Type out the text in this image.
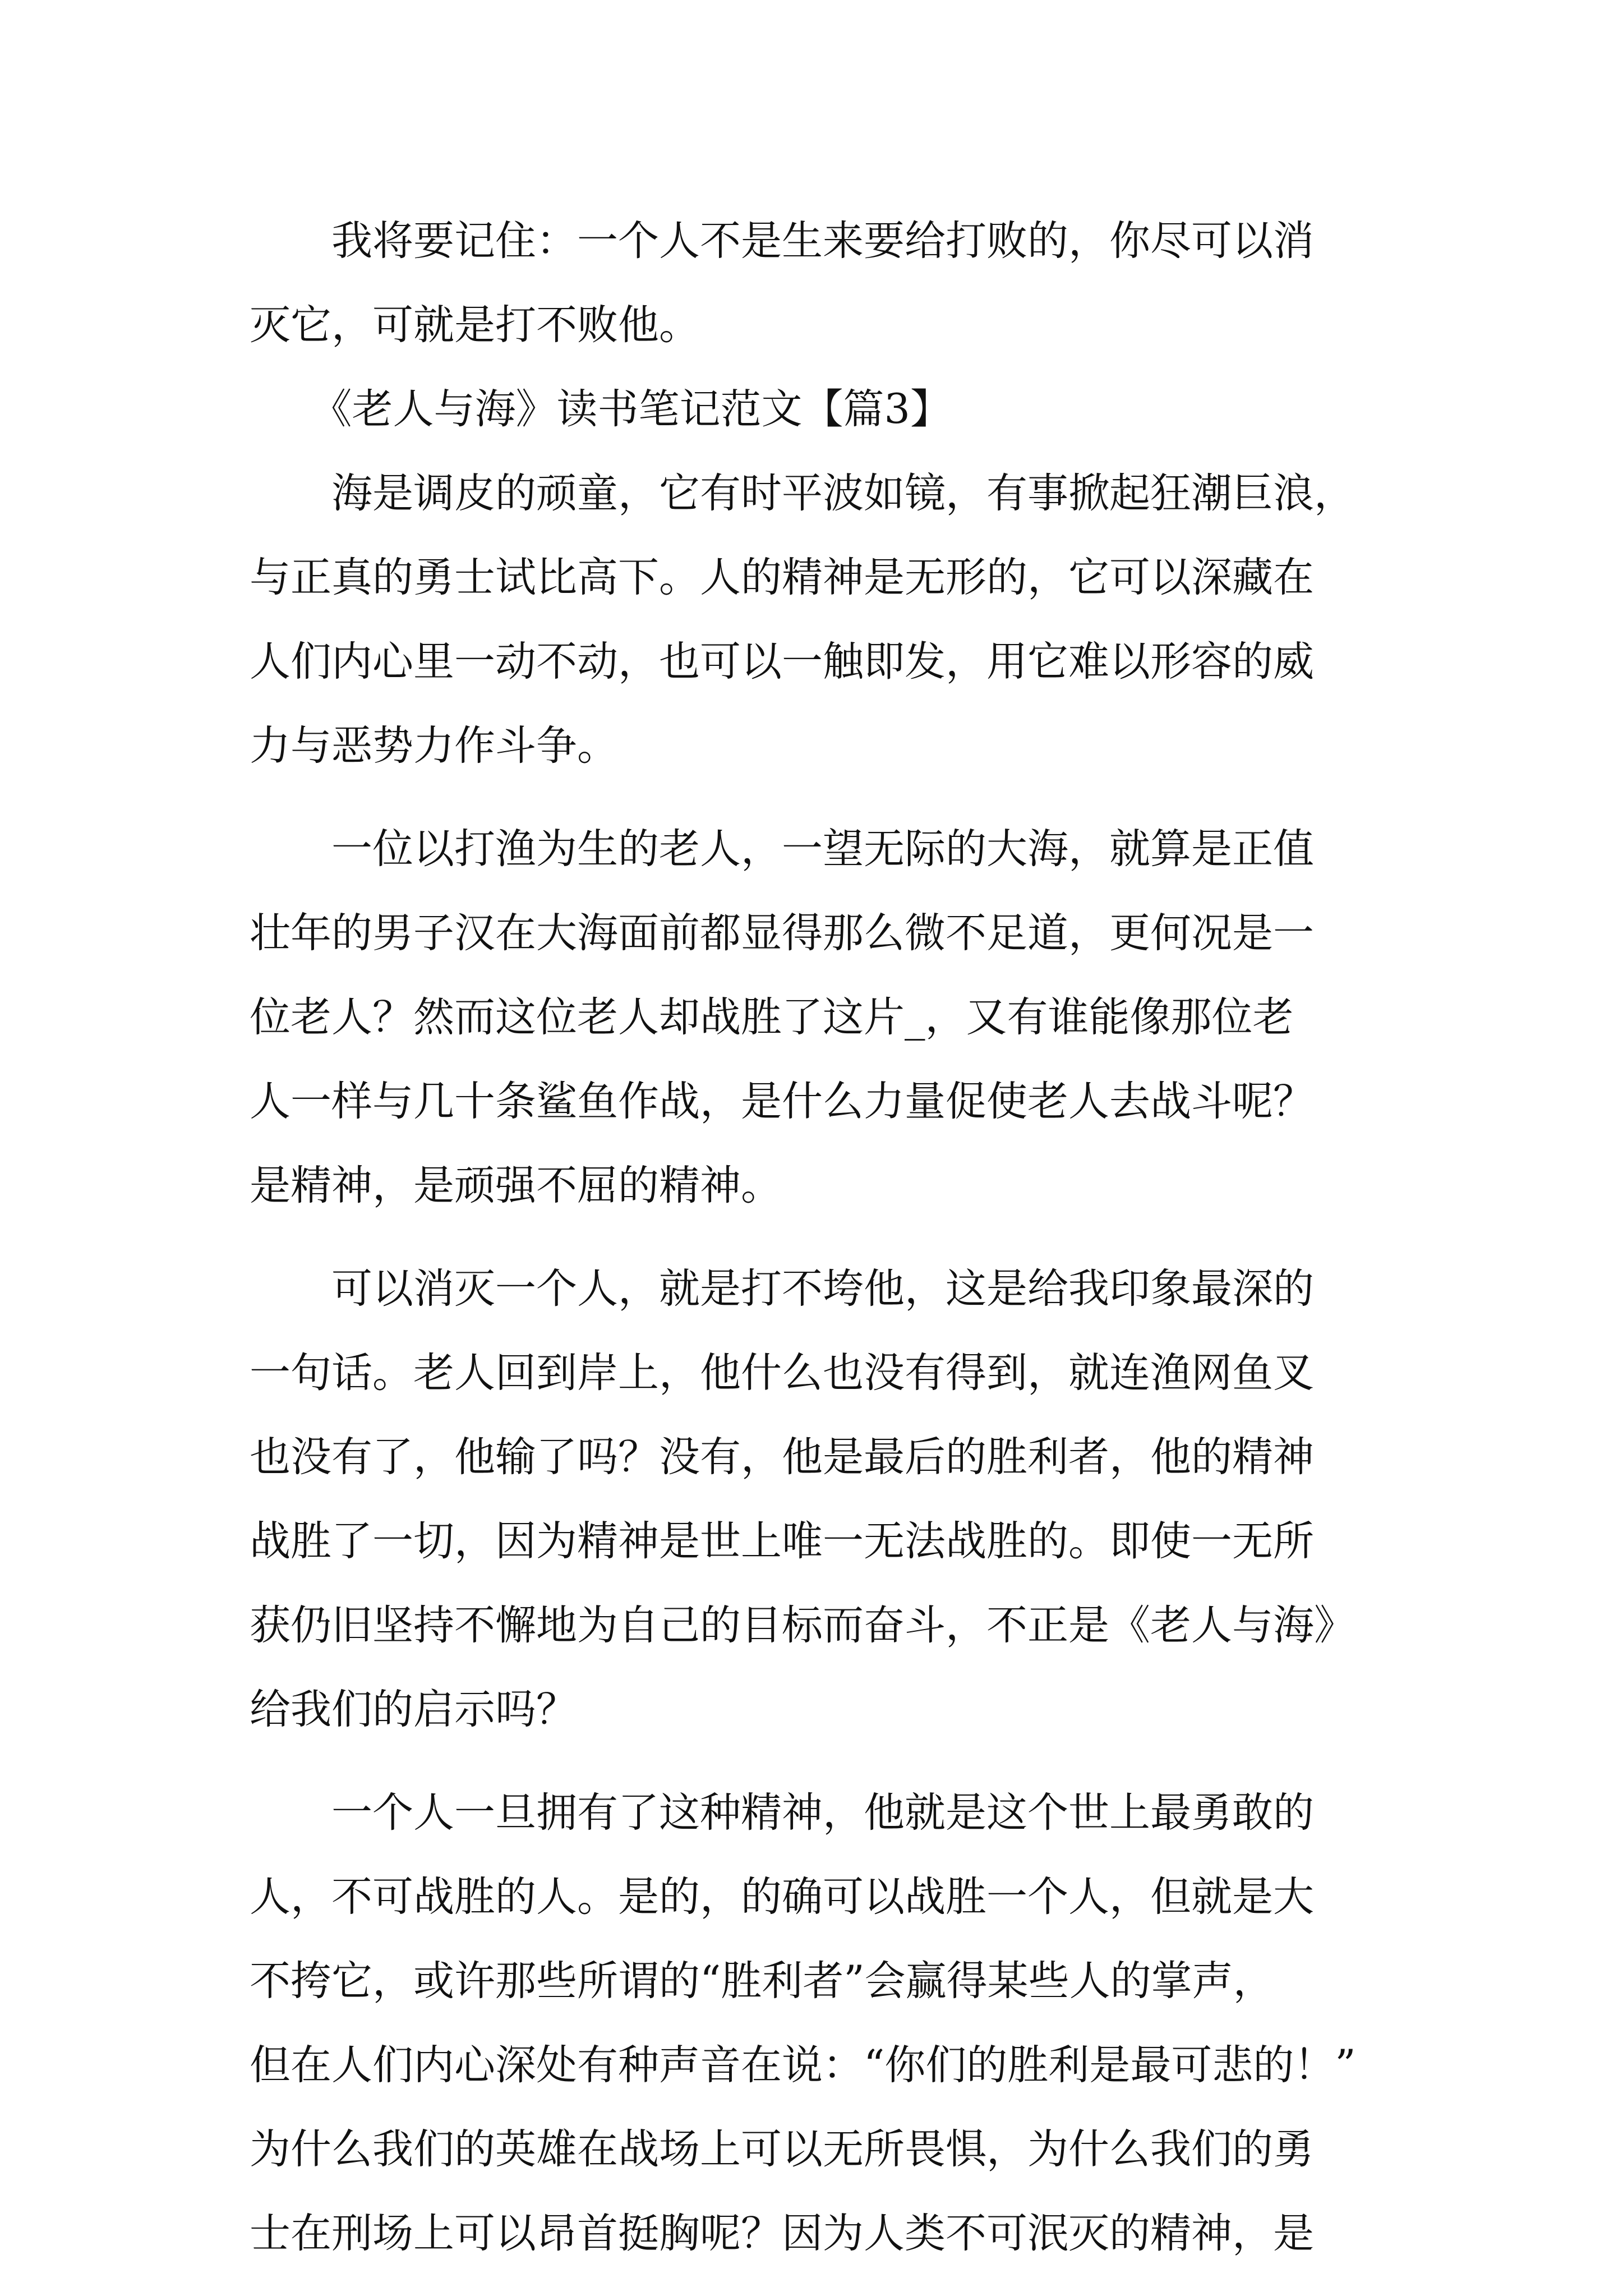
　　我将要记住：一个人不是生来要给打败的，你尽可以消
灭它，可就是打不败他。
　　《老人与海》读书笔记范文【篇3】
　　海是调皮的顽童，它有时平波如镜，有事掀起狂潮巨浪，
与正真的勇士试比高下。人的精神是无形的，它可以深藏在
人们内心里一动不动，也可以一触即发，用它难以形容的威
力与恶势力作斗争。
　　一位以打渔为生的老人，一望无际的大海，就算是正值
壮年的男子汉在大海面前都显得那么微不足道，更何况是一
位老人？然而这位老人却战胜了这片_，又有谁能像那位老
人一样与几十条鲨鱼作战，是什么力量促使老人去战斗呢？
是精神，是顽强不屈的精神。
　　可以消灭一个人，就是打不垮他，这是给我印象最深的
一句话。老人回到岸上，他什么也没有得到，就连渔网鱼叉
也没有了，他输了吗？没有，他是最后的胜利者，他的精神
战胜了一切，因为精神是世上唯一无法战胜的。即使一无所
获仍旧坚持不懈地为自己的目标而奋斗，不正是《老人与海》
给我们的启示吗？
　　一个人一旦拥有了这种精神，他就是这个世上最勇敢的
人，不可战胜的人。是的，的确可以战胜一个人，但就是大
不挎它，或许那些所谓的“胜利者”会赢得某些人的掌声，
但在人们内心深处有种声音在说：“你们的胜利是最可悲的！”
为什么我们的英雄在战场上可以无所畏惧，为什么我们的勇
士在刑场上可以昂首挺胸呢？因为人类不可泯灭的精神，是
